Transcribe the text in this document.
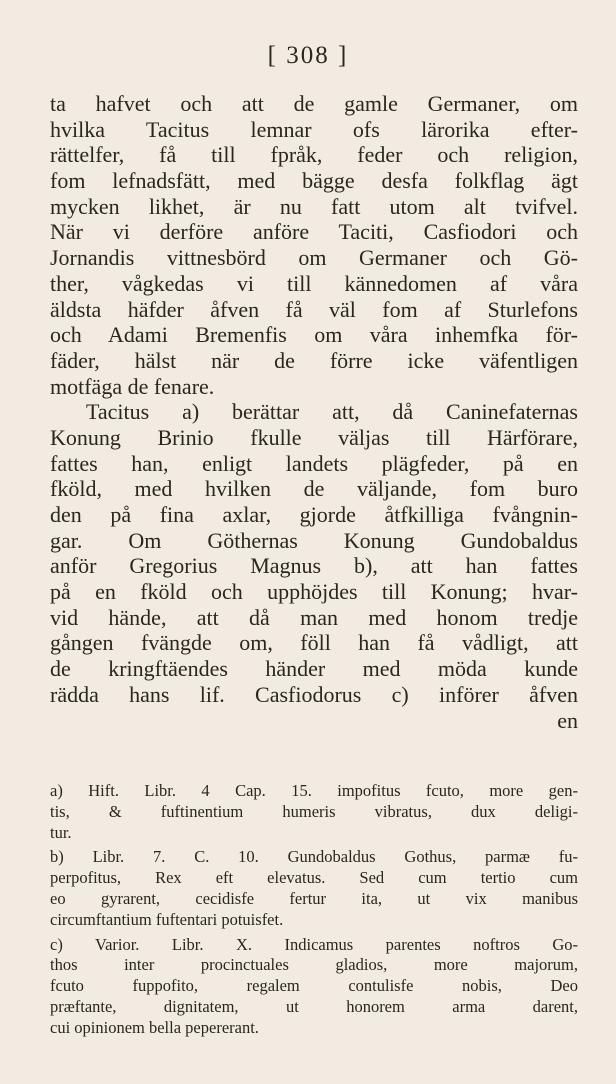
[ 308 ]
ta hafvet och att de gamle Germaner, om
hvilka Tacitus lemnar ofs lärorika efter-
rättelfer, få till fpråk, feder och religion,
fom lefnadsfätt, med bägge desfa folkflag ägt
mycken likhet, är nu fatt utom alt tvifvel.
När vi derföre anföre Taciti, Casfiodori och
Jornandis vittnesbörd om Germaner och Gö-
ther, vågkedas vi till kännedomen af våra
äldsta häfder åfven få väl fom af Sturlefons
och Adami Bremenfis om våra inhemfka för-
fäder, hälst när de förre icke väfentligen
motfäga de fenare.
Tacitus a) berättar att, då Caninefaternas
Konung Brinio fkulle väljas till Härförare,
fattes han, enligt landets plägfeder, på en
fköld, med hvilken de väljande, fom buro
den på fina axlar, gjorde åtfkilliga fvångnin-
gar. Om Göthernas Konung Gundobaldus
anför Gregorius Magnus b), att han fattes
på en fköld och upphöjdes till Konung; hvar-
vid hände, att då man med honom tredje
gången fvängde om, föll han få vådligt, att
de kringftäendes händer med möda kunde
rädda hans lif. Casfiodorus c) införer åfven
en
a) Hift. Libr. 4 Cap. 15. impofitus fcuto, more gen-
tis, & fuftinentium humeris vibratus, dux deligi-
tur.
b) Libr. 7. C. 10. Gundobaldus Gothus, parmæ fu-
perpofitus, Rex eft elevatus. Sed cum tertio cum
eo gyrarent, cecidisfe fertur ita, ut vix manibus
circumftantium fuftentari potuisfet.
c) Varior. Libr. X. Indicamus parentes noftros Go-
thos inter procinctuales gladios, more majorum,
fcuto fuppofito, regalem contulisfe nobis, Deo
præftante, dignitatem, ut honorem arma darent,
cui opinionem bella pepererant.
